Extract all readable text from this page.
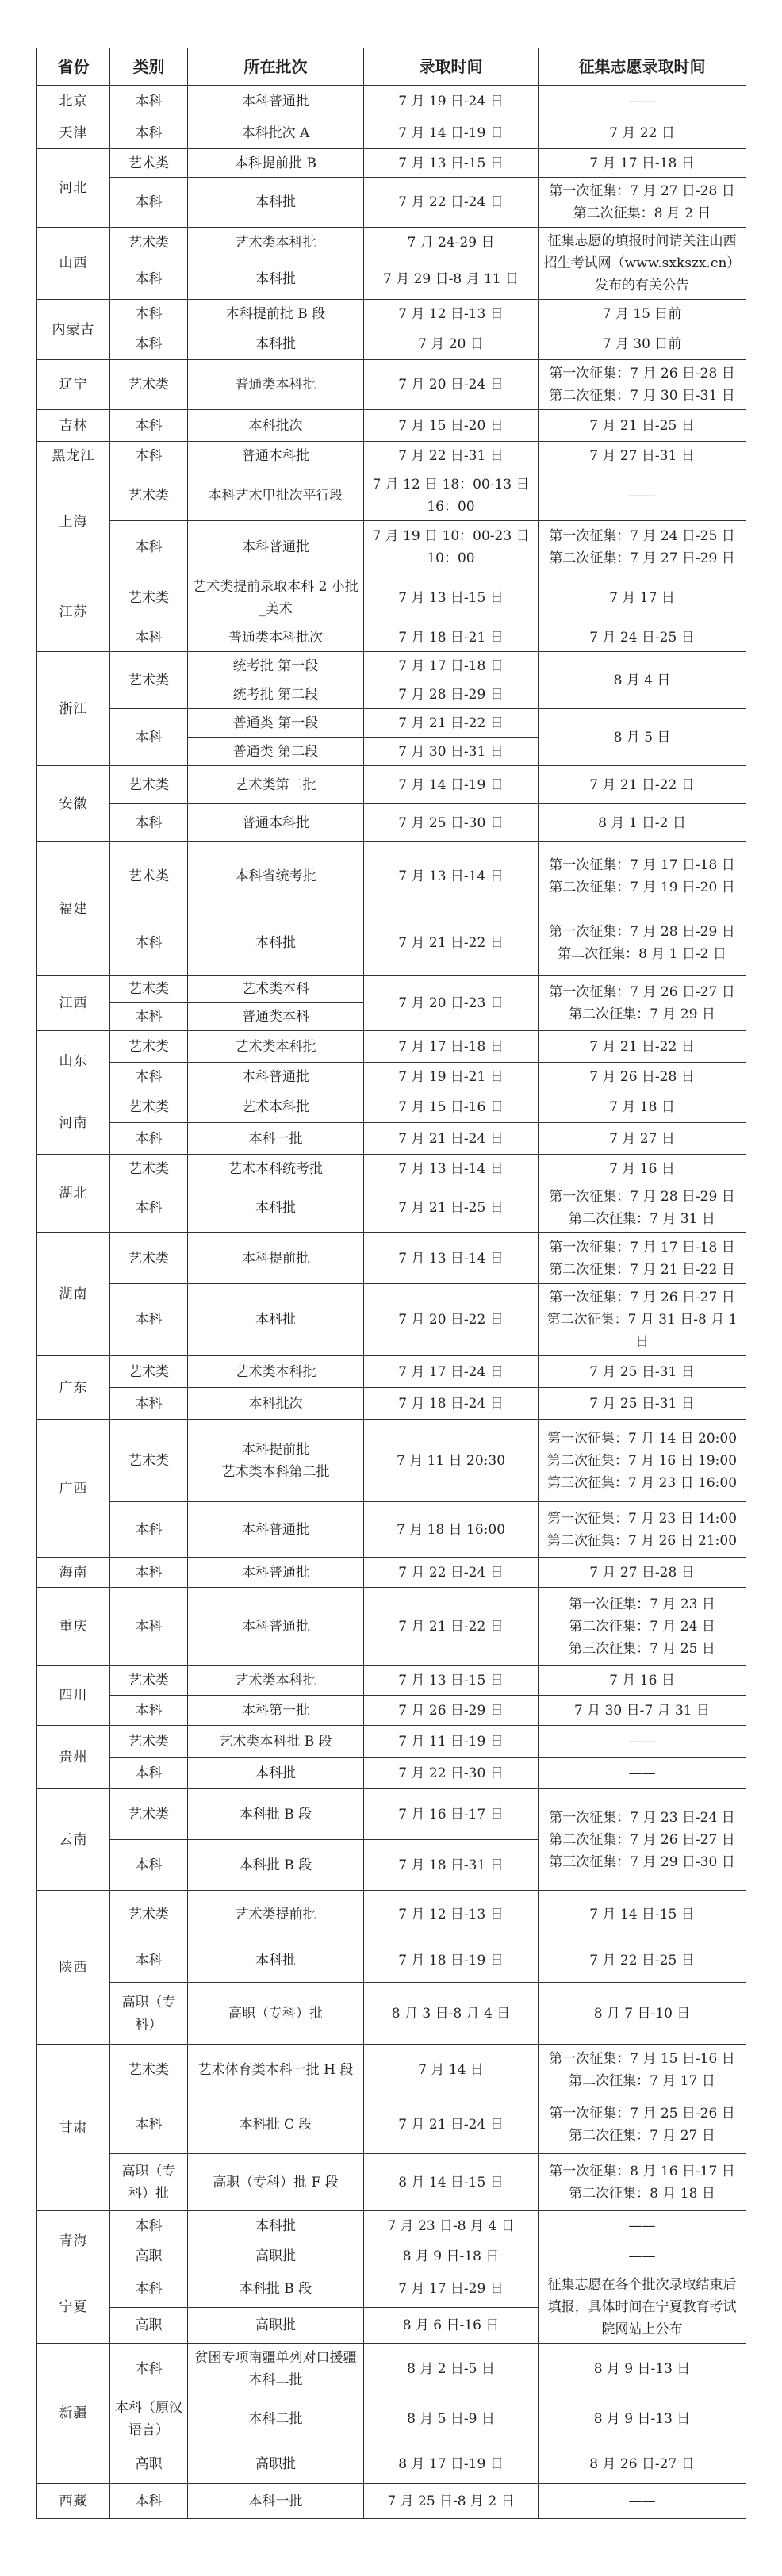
省份	类别	所在批次	录取时间	征集志愿录取时间
北京	本科	本科普通批	7 月 19 日-24 日	——
天津	本科	本科批次 A	7 月 14 日-19 日	7 月 22 日
河北	艺术类	本科提前批 B	7 月 13 日-15 日	7 月 17 日-18 日
	本科	本科批	7 月 22 日-24 日	第一次征集：7 月 27 日-28 日
第二次征集：8 月 2 日
山西	艺术类	艺术类本科批	7 月 24-29 日	征集志愿的填报时间请关注山西招生考试网（www.sxkszx.cn）发布的有关公告
	本科	本科批	7 月 29 日-8 月 11 日	
内蒙古	本科	本科提前批 B 段	7 月 12 日-13 日	7 月 15 日前
	本科	本科批	7 月 20 日	7 月 30 日前
辽宁	艺术类	普通类本科批	7 月 20 日-24 日	第一次征集：7 月 26 日-28 日
第二次征集：7 月 30 日-31 日
吉林	本科	本科批次	7 月 15 日-20 日	7 月 21 日-25 日
黑龙江	本科	普通本科批	7 月 22 日-31 日	7 月 27 日-31 日
上海	艺术类	本科艺术甲批次平行段	7 月 12 日 18：00-13 日
16：00	——
	本科	本科普通批	7 月 19 日 10：00-23 日
10：00	第一次征集：7 月 24 日-25 日
第二次征集：7 月 27 日-29 日
江苏	艺术类	艺术类提前录取本科 2 小批_美术	7 月 13 日-15 日	7 月 17 日
	本科	普通类本科批次	7 月 18 日-21 日	7 月 24 日-25 日
浙江	艺术类	统考批 第一段	7 月 17 日-18 日	8 月 4 日
		统考批 第二段	7 月 28 日-29 日	
	本科	普通类 第一段	7 月 21 日-22 日	8 月 5 日
		普通类 第二段	7 月 30 日-31 日	
安徽	艺术类	艺术类第二批	7 月 14 日-19 日	7 月 21 日-22 日
	本科	普通本科批	7 月 25 日-30 日	8 月 1 日-2 日
福建	艺术类	本科省统考批	7 月 13 日-14 日	第一次征集：7 月 17 日-18 日
第二次征集：7 月 19 日-20 日
	本科	本科批	7 月 21 日-22 日	第一次征集：7 月 28 日-29 日
第二次征集：8 月 1 日-2 日
江西	艺术类	艺术类本科	7 月 20 日-23 日	第一次征集：7 月 26 日-27 日
第二次征集：7 月 29 日
	本科	普通类本科		
山东	艺术类	艺术类本科批	7 月 17 日-18 日	7 月 21 日-22 日
	本科	本科普通批	7 月 19 日-21 日	7 月 26 日-28 日
河南	艺术类	艺术本科批	7 月 15 日-16 日	7 月 18 日
	本科	本科一批	7 月 21 日-24 日	7 月 27 日
湖北	艺术类	艺术本科统考批	7 月 13 日-14 日	7 月 16 日
	本科	本科批	7 月 21 日-25 日	第一次征集：7 月 28 日-29 日
第二次征集：7 月 31 日
湖南	艺术类	本科提前批	7 月 13 日-14 日	第一次征集：7 月 17 日-18 日
第二次征集：7 月 21 日-22 日
	本科	本科批	7 月 20 日-22 日	第一次征集：7 月 26 日-27 日
第二次征集：7 月 31 日-8 月 1 日
广东	艺术类	艺术类本科批	7 月 17 日-24 日	7 月 25 日-31 日
	本科	本科批次	7 月 18 日-24 日	7 月 25 日-31 日
广西	艺术类	本科提前批
艺术类本科第二批	7 月 11 日 20:30	第一次征集：7 月 14 日 20:00
第二次征集：7 月 16 日 19:00
第三次征集：7 月 23 日 16:00
	本科	本科普通批	7 月 18 日 16:00	第一次征集：7 月 23 日 14:00
第二次征集：7 月 26 日 21:00
海南	本科	本科普通批	7 月 22 日-24 日	7 月 27 日-28 日
重庆	本科	本科普通批	7 月 21 日-22 日	第一次征集：7 月 23 日
第二次征集：7 月 24 日
第三次征集：7 月 25 日
四川	艺术类	艺术类本科批	7 月 13 日-15 日	7 月 16 日
	本科	本科第一批	7 月 26 日-29 日	7 月 30 日-7 月 31 日
贵州	艺术类	艺术类本科批 B 段	7 月 11 日-19 日	——
	本科	本科批	7 月 22 日-30 日	——
云南	艺术类	本科批 B 段	7 月 16 日-17 日	第一次征集：7 月 23 日-24 日
第二次征集：7 月 26 日-27 日
第三次征集：7 月 29 日-30 日
	本科	本科批 B 段	7 月 18 日-31 日	
陕西	艺术类	艺术类提前批	7 月 12 日-13 日	7 月 14 日-15 日
	本科	本科批	7 月 18 日-19 日	7 月 22 日-25 日
	高职（专科）	高职（专科）批	8 月 3 日-8 月 4 日	8 月 7 日-10 日
甘肃	艺术类	艺术体育类本科一批 H 段	7 月 14 日	第一次征集：7 月 15 日-16 日
第二次征集：7 月 17 日
	本科	本科批 C 段	7 月 21 日-24 日	第一次征集：7 月 25 日-26 日
第二次征集：7 月 27 日
	高职（专科）批	高职（专科）批 F 段	8 月 14 日-15 日	第一次征集：8 月 16 日-17 日
第二次征集：8 月 18 日
青海	本科	本科批	7 月 23 日-8 月 4 日	——
	高职	高职批	8 月 9 日-18 日	——
宁夏	本科	本科批 B 段	7 月 17 日-29 日	征集志愿在各个批次录取结束后填报，具体时间在宁夏教育考试院网站上公布
	高职	高职批	8 月 6 日-16 日	
新疆	本科	贫困专项南疆单列对口援疆本科二批	8 月 2 日-5 日	8 月 9 日-13 日
	本科（原汉语言）	本科二批	8 月 5 日-9 日	8 月 9 日-13 日
	高职	高职批	8 月 17 日-19 日	8 月 26 日-27 日
西藏	本科	本科一批	7 月 25 日-8 月 2 日	——
